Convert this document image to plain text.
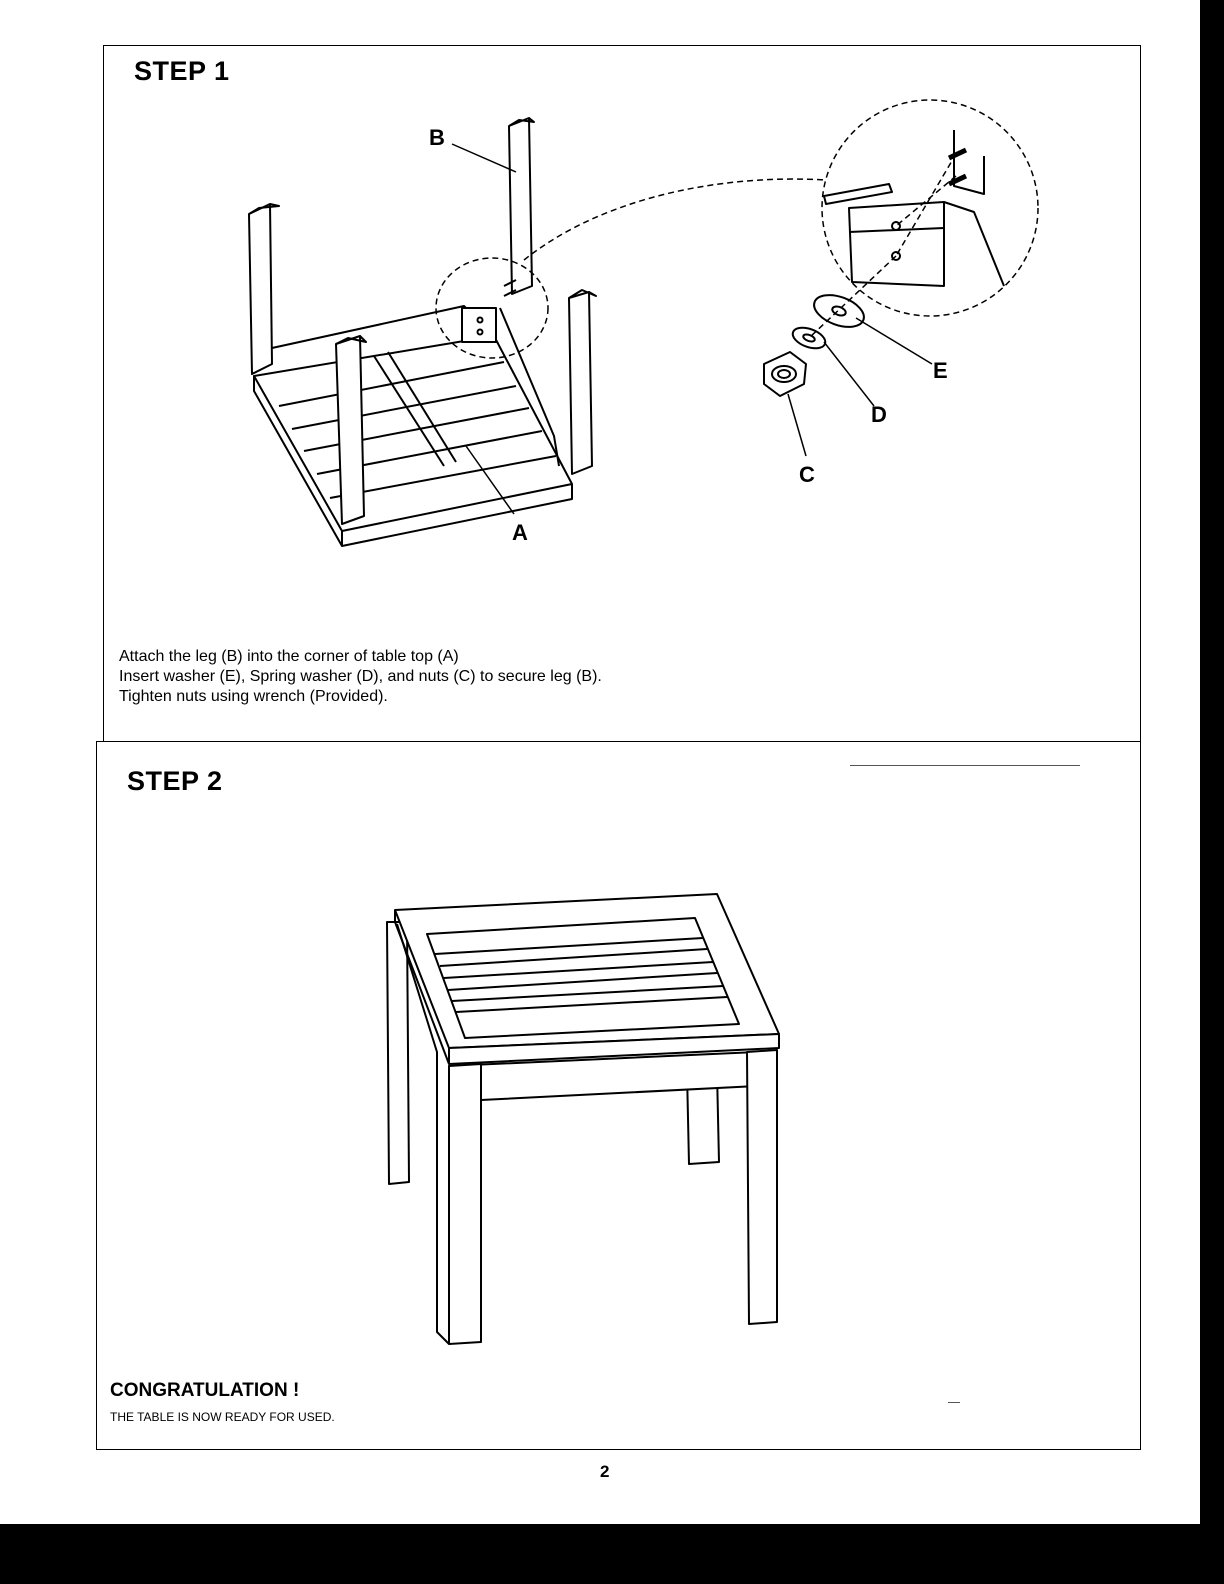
STEP 1
B
A
E
D
C
Attach the leg (B) into the corner of table top (A)
Insert washer (E), Spring washer (D), and nuts (C) to secure leg (B).
Tighten nuts using wrench (Provided).
STEP 2
CONGRATULATION !
THE TABLE IS NOW READY FOR USED.
2
